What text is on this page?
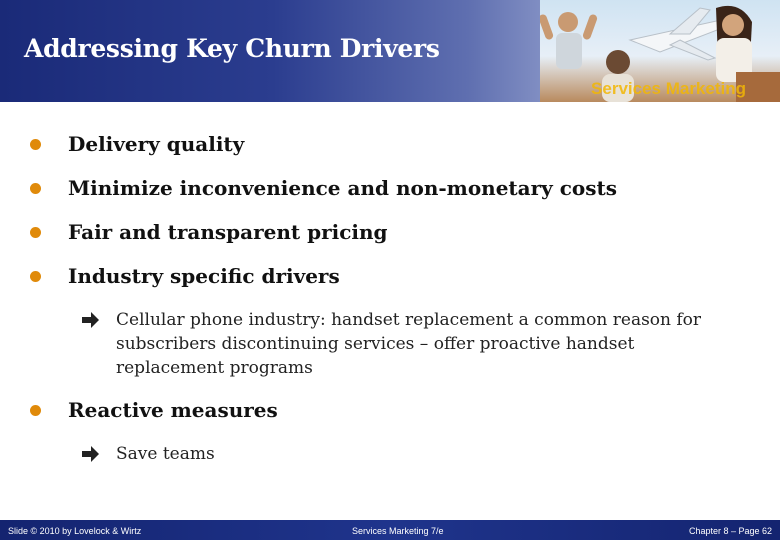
Addressing Key Churn Drivers
Services Marketing
Delivery quality
Minimize inconvenience and non-monetary costs
Fair and transparent pricing
Industry specific drivers
Cellular phone industry: handset replacement a common reason for
subscribers discontinuing services – offer proactive handset
replacement programs
Reactive measures
Save teams
Slide © 2010 by Lovelock & Wirtz	Services Marketing 7/e	Chapter 8 – Page 62
